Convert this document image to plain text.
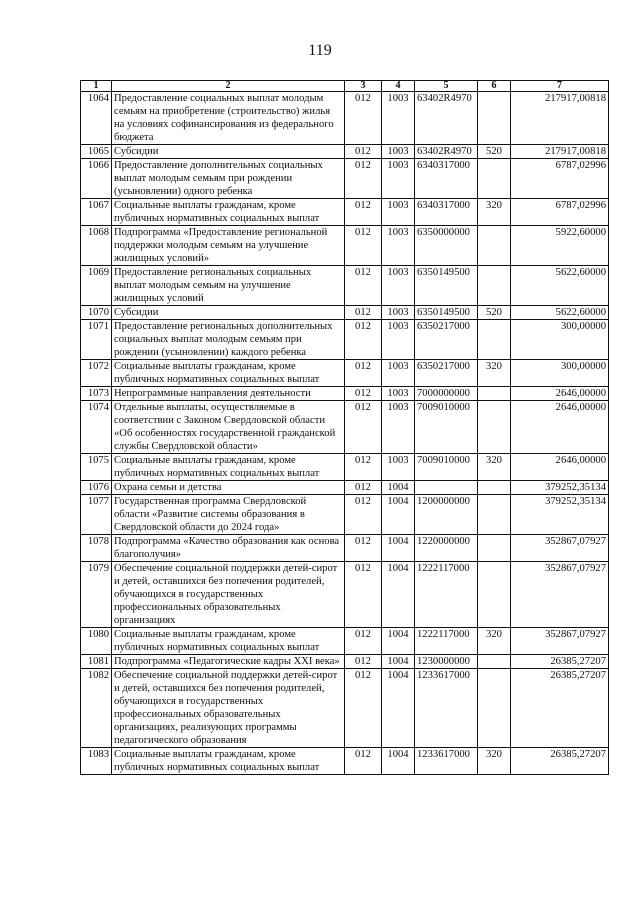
119
1	2	3	4	5	6	7
1064	Предоставление социальных выплат молодым семьям на приобретение (строительство) жилья на условиях софинансирования из федерального бюджета	012	1003	63402R4970		217917,00818
1065	Субсидии	012	1003	63402R4970	520	217917,00818
1066	Предоставление дополнительных социальных выплат молодым семьям при рождении (усыновлении) одного ребенка	012	1003	6340317000		6787,02996
1067	Социальные выплаты гражданам, кроме публичных нормативных социальных выплат	012	1003	6340317000	320	6787,02996
1068	Подпрограмма «Предоставление региональной поддержки молодым семьям на улучшение жилищных условий»	012	1003	6350000000		5922,60000
1069	Предоставление региональных социальных выплат молодым семьям на улучшение жилищных условий	012	1003	6350149500		5622,60000
1070	Субсидии	012	1003	6350149500	520	5622,60000
1071	Предоставление региональных дополнительных социальных выплат молодым семьям при рождении (усыновлении) каждого ребенка	012	1003	6350217000		300,00000
1072	Социальные выплаты гражданам, кроме публичных нормативных социальных выплат	012	1003	6350217000	320	300,00000
1073	Непрограммные направления деятельности	012	1003	7000000000		2646,00000
1074	Отдельные выплаты, осуществляемые в соответствии с Законом Свердловской области «Об особенностях государственной гражданской службы Свердловской области»	012	1003	7009010000		2646,00000
1075	Социальные выплаты гражданам, кроме публичных нормативных социальных выплат	012	1003	7009010000	320	2646,00000
1076	Охрана семьи и детства	012	1004			379252,35134
1077	Государственная программа Свердловской области «Развитие системы образования в Свердловской области до 2024 года»	012	1004	1200000000		379252,35134
1078	Подпрограмма «Качество образования как основа благополучия»	012	1004	1220000000		352867,07927
1079	Обеспечение социальной поддержки детей-сирот и детей, оставшихся без попечения родителей, обучающихся в государственных профессиональных образовательных организациях	012	1004	1222117000		352867,07927
1080	Социальные выплаты гражданам, кроме публичных нормативных социальных выплат	012	1004	1222117000	320	352867,07927
1081	Подпрограмма «Педагогические кадры XXI века»	012	1004	1230000000		26385,27207
1082	Обеспечение социальной поддержки детей-сирот и детей, оставшихся без попечения родителей, обучающихся в государственных профессиональных образовательных организациях, реализующих программы педагогического образования	012	1004	1233617000		26385,27207
1083	Социальные выплаты гражданам, кроме публичных нормативных социальных выплат	012	1004	1233617000	320	26385,27207
